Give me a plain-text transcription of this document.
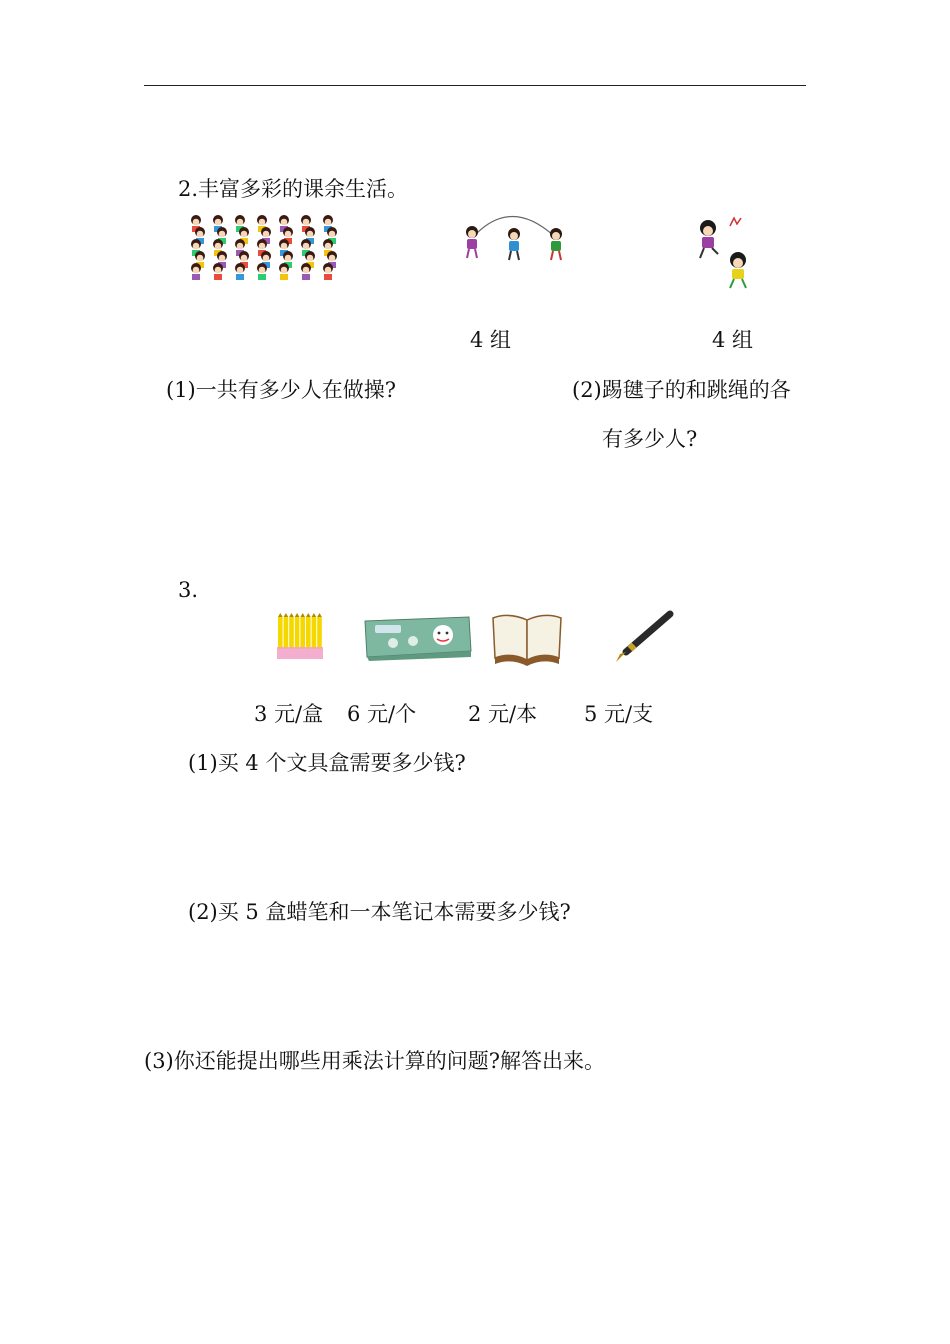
2.丰富多彩的课余生活。
4 组	4 组
(1)一共有多少人在做操?	(2)踢毽子的和跳绳的各
有多少人?
3.
3 元/盒 6 元/个 2 元/本 5 元/支
(1)买 4 个文具盒需要多少钱?
(2)买 5 盒蜡笔和一本笔记本需要多少钱?
(3)你还能提出哪些用乘法计算的问题?解答出来。
